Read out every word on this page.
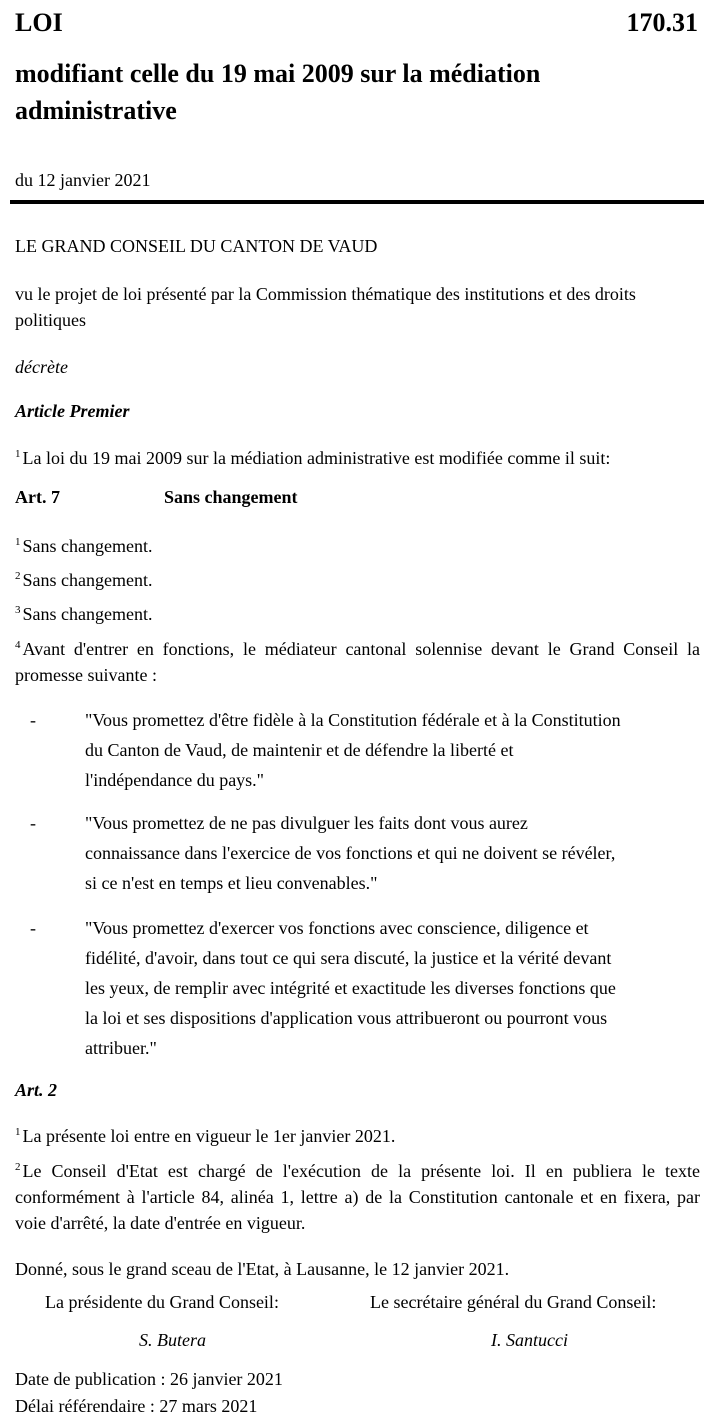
LOI	170.31
modifiant celle du 19 mai 2009 sur la médiation administrative
du 12 janvier 2021
LE GRAND CONSEIL DU CANTON DE VAUD
vu le projet de loi présenté par la Commission thématique des institutions et des droits politiques
décrète
Article Premier
$^1$ La loi du 19 mai 2009 sur la médiation administrative est modifiée comme il suit:
Art. 7	Sans changement
$^1$ Sans changement.
$^2$ Sans changement.
$^3$ Sans changement.
$^4$ Avant d'entrer en fonctions, le médiateur cantonal solennise devant le Grand Conseil la promesse suivante :
-	"Vous promettez d'être fidèle à la Constitution fédérale et à la Constitution
du Canton de Vaud, de maintenir et de défendre la liberté et
l'indépendance du pays."
-	"Vous promettez de ne pas divulguer les faits dont vous aurez
connaissance dans l'exercice de vos fonctions et qui ne doivent se révéler,
si ce n'est en temps et lieu convenables."
-	"Vous promettez d'exercer vos fonctions avec conscience, diligence et
fidélité, d'avoir, dans tout ce qui sera discuté, la justice et la vérité devant
les yeux, de remplir avec intégrité et exactitude les diverses fonctions que
la loi et ses dispositions d'application vous attribueront ou pourront vous
attribuer."
Art. 2
$^1$ La présente loi entre en vigueur le 1er janvier 2021.
$^2$ Le Conseil d'Etat est chargé de l'exécution de la présente loi. Il en publiera le texte conformément à l'article 84, alinéa 1, lettre a) de la Constitution cantonale et en fixera, par voie d'arrêté, la date d'entrée en vigueur.
Donné, sous le grand sceau de l'Etat, à Lausanne, le 12 janvier 2021.
La présidente du Grand Conseil:	Le secrétaire général du Grand Conseil:
S. Butera	I. Santucci
Date de publication : 26 janvier 2021
Délai référendaire : 27 mars 2021
